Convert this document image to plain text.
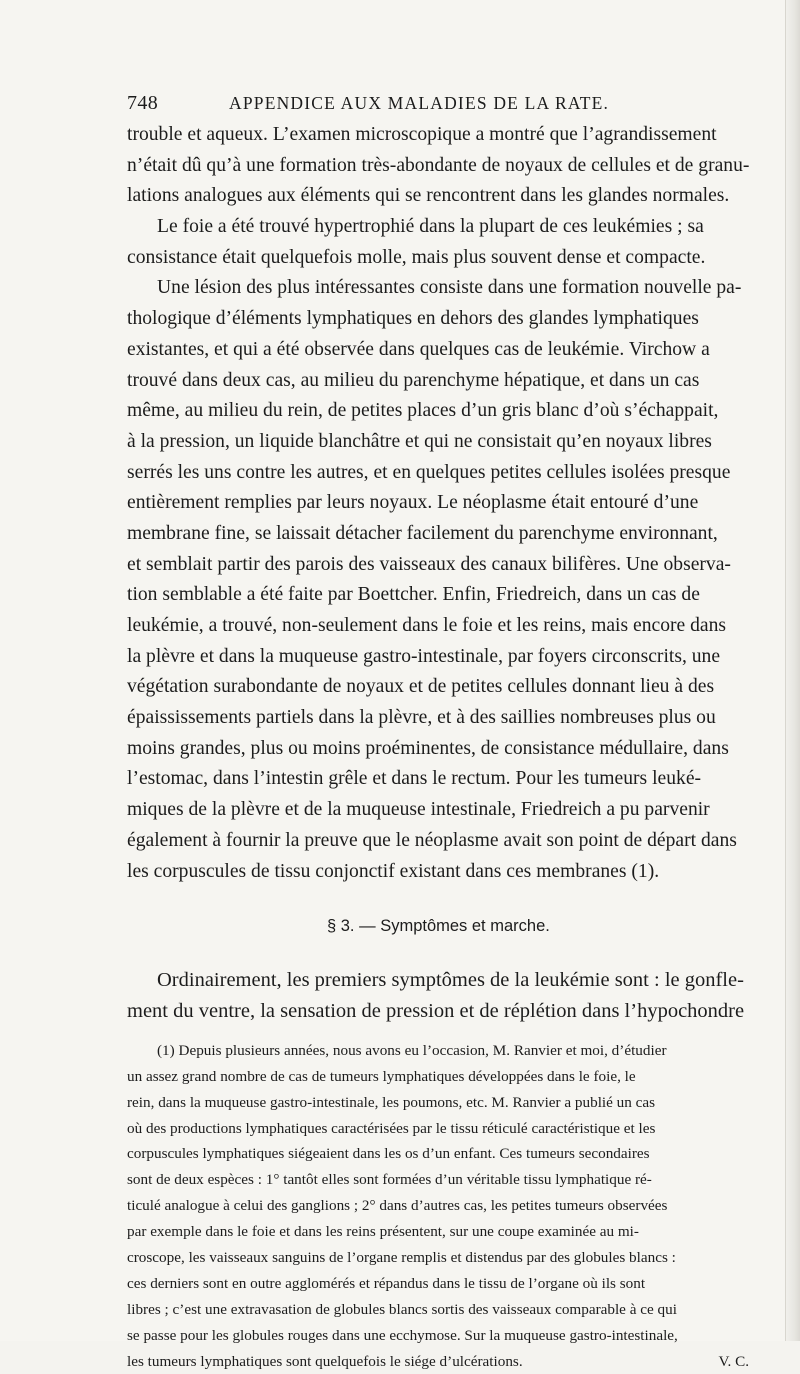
748	APPENDICE AUX MALADIES DE LA RATE.
trouble et aqueux. L’examen microscopique a montré que l’agrandissement
n’était dû qu’à une formation très-abondante de noyaux de cellules et de granu-
lations analogues aux éléments qui se rencontrent dans les glandes normales.
Le foie a été trouvé hypertrophié dans la plupart de ces leukémies ; sa
consistance était quelquefois molle, mais plus souvent dense et compacte.
Une lésion des plus intéressantes consiste dans une formation nouvelle pa-
thologique d’éléments lymphatiques en dehors des glandes lymphatiques
existantes, et qui a été observée dans quelques cas de leukémie. Virchow a
trouvé dans deux cas, au milieu du parenchyme hépatique, et dans un cas
même, au milieu du rein, de petites places d’un gris blanc d’où s’échappait,
à la pression, un liquide blanchâtre et qui ne consistait qu’en noyaux libres
serrés les uns contre les autres, et en quelques petites cellules isolées presque
entièrement remplies par leurs noyaux. Le néoplasme était entouré d’une
membrane fine, se laissait détacher facilement du parenchyme environnant,
et semblait partir des parois des vaisseaux des canaux bilifères. Une observa-
tion semblable a été faite par Boettcher. Enfin, Friedreich, dans un cas de
leukémie, a trouvé, non-seulement dans le foie et les reins, mais encore dans
la plèvre et dans la muqueuse gastro-intestinale, par foyers circonscrits, une
végétation surabondante de noyaux et de petites cellules donnant lieu à des
épaississements partiels dans la plèvre, et à des saillies nombreuses plus ou
moins grandes, plus ou moins proéminentes, de consistance médullaire, dans
l’estomac, dans l’intestin grêle et dans le rectum. Pour les tumeurs leuké-
miques de la plèvre et de la muqueuse intestinale, Friedreich a pu parvenir
également à fournir la preuve que le néoplasme avait son point de départ dans
les corpuscules de tissu conjonctif existant dans ces membranes (1).
§ 3. — Symptômes et marche.
Ordinairement, les premiers symptômes de la leukémie sont : le gonfle-
ment du ventre, la sensation de pression et de réplétion dans l’hypochondre
(1) Depuis plusieurs années, nous avons eu l’occasion, M. Ranvier et moi, d’étudier
un assez grand nombre de cas de tumeurs lymphatiques développées dans le foie, le
rein, dans la muqueuse gastro-intestinale, les poumons, etc. M. Ranvier a publié un cas
où des productions lymphatiques caractérisées par le tissu réticulé caractéristique et les
corpuscules lymphatiques siégeaient dans les os d’un enfant. Ces tumeurs secondaires
sont de deux espèces : 1° tantôt elles sont formées d’un véritable tissu lymphatique ré-
ticulé analogue à celui des ganglions ; 2° dans d’autres cas, les petites tumeurs observées
par exemple dans le foie et dans les reins présentent, sur une coupe examinée au mi-
croscope, les vaisseaux sanguins de l’organe remplis et distendus par des globules blancs :
ces derniers sont en outre agglomérés et répandus dans le tissu de l’organe où ils sont
libres ; c’est une extravasation de globules blancs sortis des vaisseaux comparable à ce qui
se passe pour les globules rouges dans une ecchymose. Sur la muqueuse gastro-intestinale,
les tumeurs lymphatiques sont quelquefois le siége d’ulcérations.	V. C.
